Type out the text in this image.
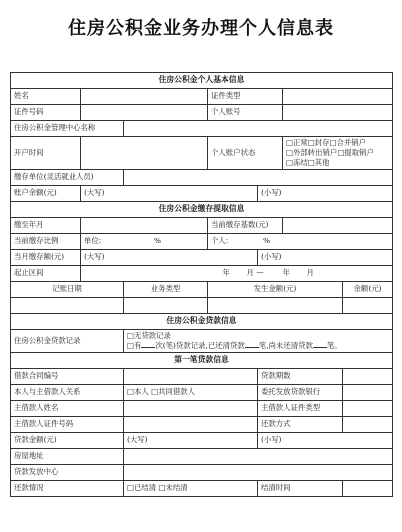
住房公积金业务办理个人信息表
住房公积金个人基本信息						
姓名			证件类型			
证件号码			个人账号			
住房公积金管理中心名称						
开户时间			个人账户状态		□正常□封存□合并销户
□外部转出销户□提取销户
□冻结□其他	

缴存单位(灵活就业人员)						
账户余额(元)	(大写)			(小写)		
住房公积金缴存提取信息						
缴至年月			当前缴存基数(元)			
当前缴存比例	单位: %		个人: %			
当月缴存额(元)	(大写)			(小写)		
起止区间	年 月 — 年 月					
记账日期		业务类型	发生金额(元)			余额(元)

住房公积金贷款信息						
住房公积金贷款记录		□无贷款记录
□有 次(笔)贷款记录,已还清贷款 笔,尚未还清贷款 笔。				

第一笔贷款信息						
借款合同编号				贷款期数		
本人与主借款人关系		□本人 □共同借款人		委托发放贷款银行		
主借款人姓名				主借款人证件类型		
主借款人证件号码				还款方式		
贷款金额(元)		(大写)		(小写)		
房屋地址						
贷款发放中心						
还款情况		□已结清 □未结清		结清时间		
